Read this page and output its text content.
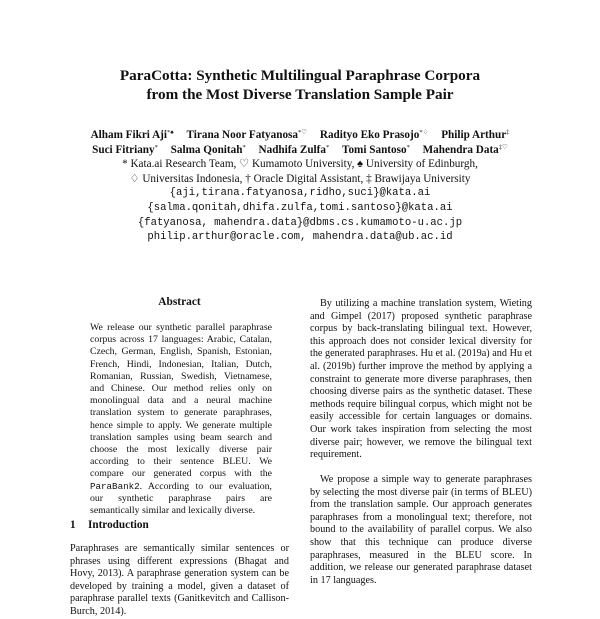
ParaCotta: Synthetic Multilingual Paraphrase Corpora
from the Most Diverse Translation Sample Pair
Alham Fikri Aji*♠ Tirana Noor Fatyanosa*♡ Radityo Eko Prasojo*♢ Philip Arthur‡
Suci Fitriany* Salma Qonitah* Nadhifa Zulfa* Tomi Santoso* Mahendra Data‡♡
* Kata.ai Research Team, ♡ Kumamoto University, ♠ University of Edinburgh,
♢ Universitas Indonesia, † Oracle Digital Assistant, ‡ Brawijaya University
{aji,tirana.fatyanosa,ridho,suci}@kata.ai
{salma.qonitah,dhifa.zulfa,tomi.santoso}@kata.ai
{fatyanosa, mahendra.data}@dbms.cs.kumamoto-u.ac.jp
philip.arthur@oracle.com, mahendra.data@ub.ac.id
Abstract
We release our synthetic parallel paraphrase corpus across 17 languages: Arabic, Catalan, Czech, German, English, Spanish, Estonian, French, Hindi, Indonesian, Italian, Dutch, Romanian, Russian, Swedish, Vietnamese, and Chinese. Our method relies only on monolingual data and a neural machine translation system to generate paraphrases, hence simple to apply. We generate multiple translation samples using beam search and choose the most lexically diverse pair according to their sentence BLEU. We compare our generated corpus with the ParaBank2. According to our evaluation, our synthetic paraphrase pairs are semantically similar and lexically diverse.
1 Introduction
Paraphrases are semantically similar sentences or phrases using different expressions (Bhagat and Hovy, 2013). A paraphrase generation system can be developed by training a model, given a dataset of paraphrase parallel texts (Ganitkevitch and Callison-Burch, 2014).
By utilizing a machine translation system, Wieting and Gimpel (2017) proposed synthetic paraphrase corpus by back-translating bilingual text. However, this approach does not consider lexical diversity for the generated paraphrases. Hu et al. (2019a) and Hu et al. (2019b) further improve the method by applying a constraint to generate more diverse paraphrases, then choosing diverse pairs as the synthetic dataset. These methods require bilingual corpus, which might not be easily accessible for certain languages or domains. Our work takes inspiration from selecting the most diverse pair; however, we remove the bilingual text requirement.
We propose a simple way to generate paraphrases by selecting the most diverse pair (in terms of BLEU) from the translation sample. Our approach generates paraphrases from a monolingual text; therefore, not bound to the availability of parallel corpus. We also show that this technique can produce diverse paraphrases, measured in the BLEU score. In addition, we release our generated paraphrase dataset in 17 languages.
